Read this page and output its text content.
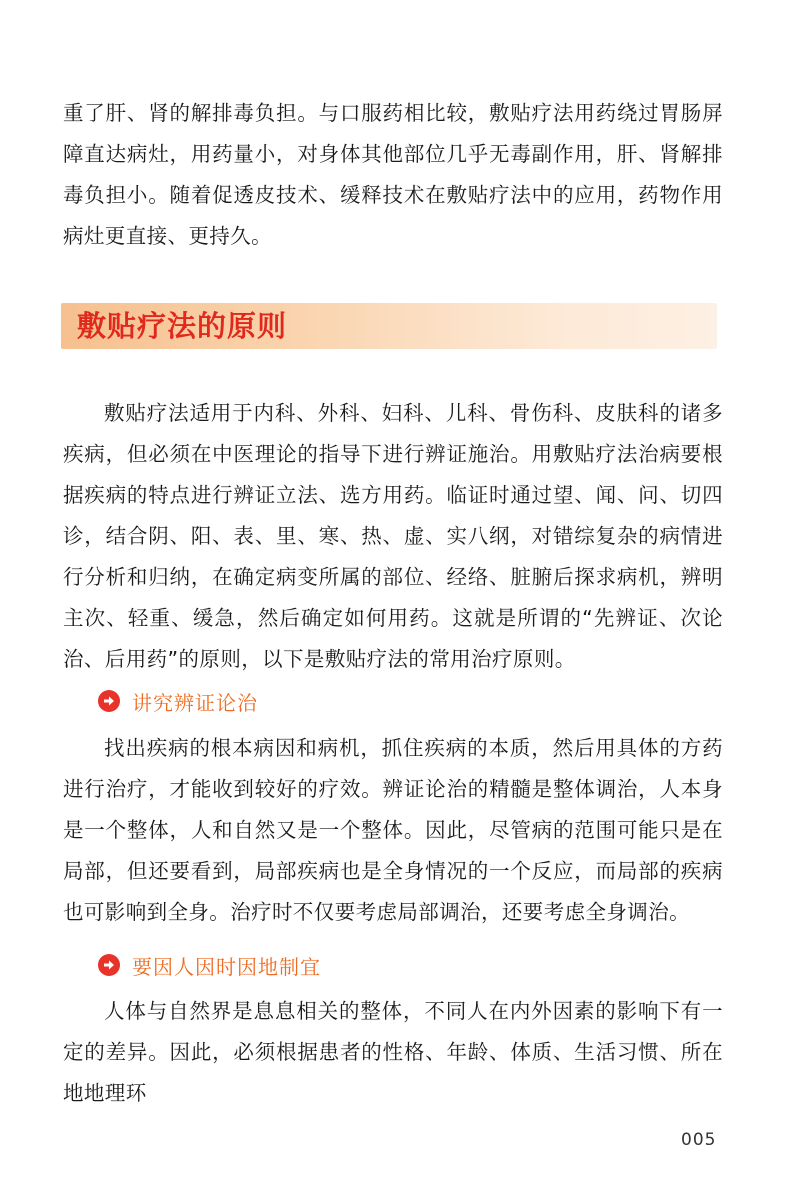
重了肝、肾的解排毒负担。与口服药相比较，敷贴疗法用药绕过胃肠屏障直达病灶，用药量小，对身体其他部位几乎无毒副作用，肝、肾解排毒负担小。随着促透皮技术、缓释技术在敷贴疗法中的应用，药物作用病灶更直接、更持久。

敷贴疗法的原则

敷贴疗法适用于内科、外科、妇科、儿科、骨伤科、皮肤科的诸多疾病，但必须在中医理论的指导下进行辨证施治。用敷贴疗法治病要根据疾病的特点进行辨证立法、选方用药。临证时通过望、闻、问、切四诊，结合阴、阳、表、里、寒、热、虚、实八纲，对错综复杂的病情进行分析和归纳，在确定病变所属的部位、经络、脏腑后探求病机，辨明主次、轻重、缓急，然后确定如何用药。这就是所谓的“先辨证、次论治、后用药”的原则，以下是敷贴疗法的常用治疗原则。

讲究辨证论治

找出疾病的根本病因和病机，抓住疾病的本质，然后用具体的方药进行治疗，才能收到较好的疗效。辨证论治的精髓是整体调治，人本身是一个整体，人和自然又是一个整体。因此，尽管病的范围可能只是在局部，但还要看到，局部疾病也是全身情况的一个反应，而局部的疾病也可影响到全身。治疗时不仅要考虑局部调治，还要考虑全身调治。

要因人因时因地制宜

人体与自然界是息息相关的整体，不同人在内外因素的影响下有一定的差异。因此，必须根据患者的性格、年龄、体质、生活习惯、所在地地理环

005
